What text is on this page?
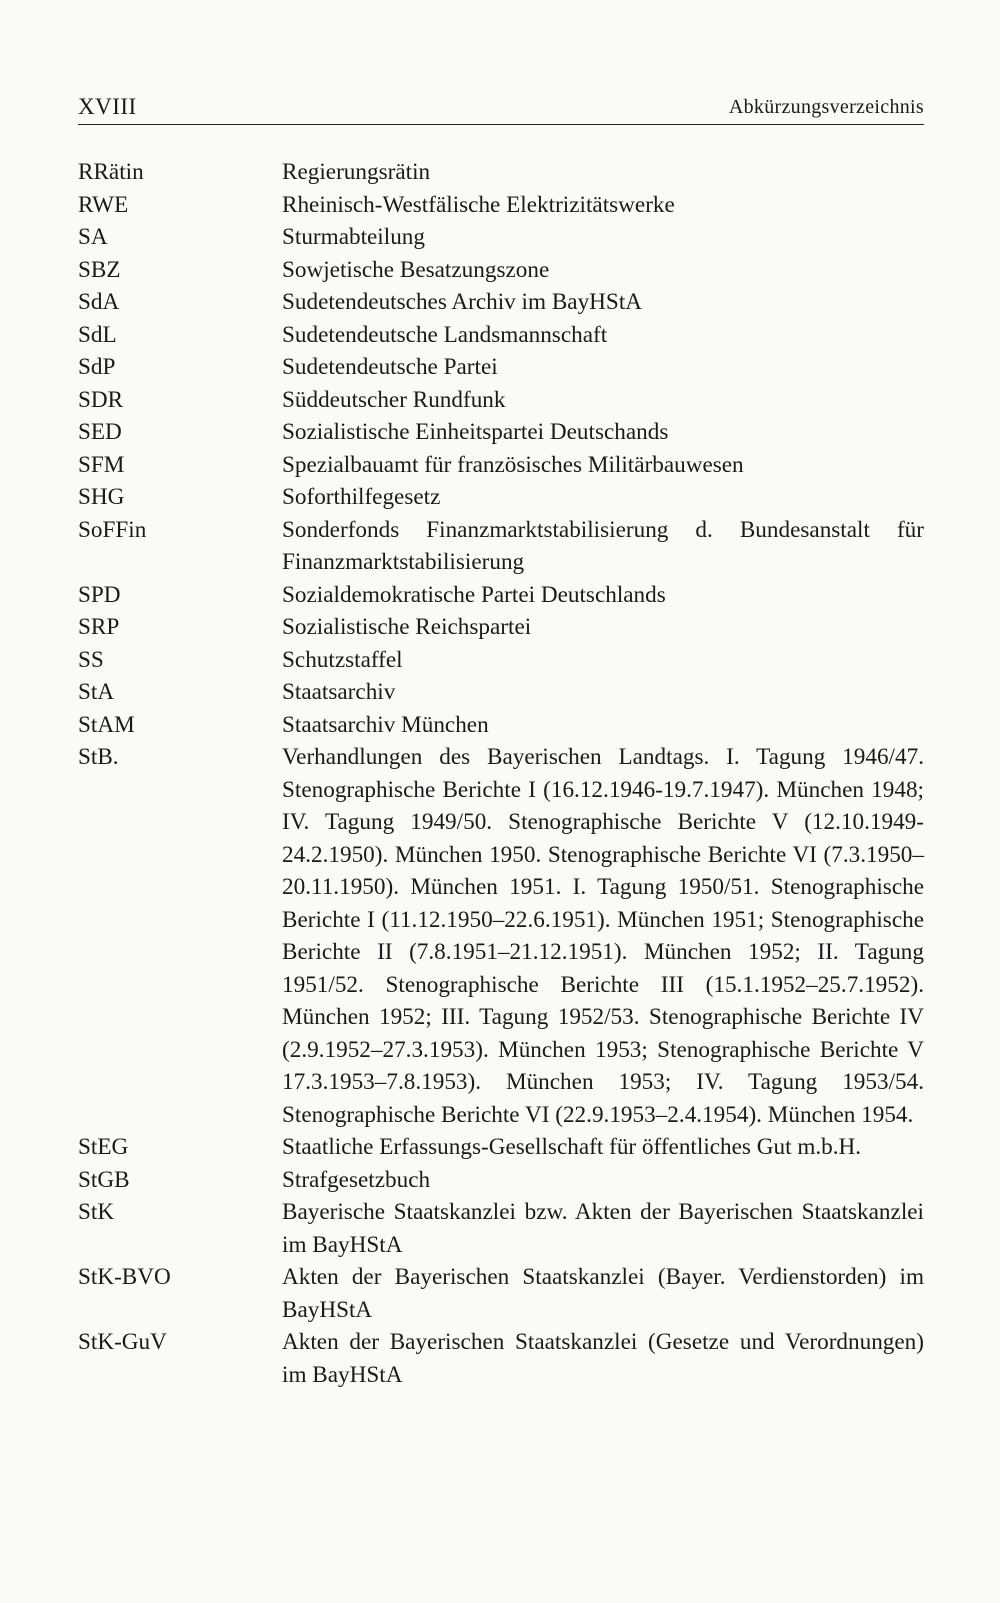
XVIII	Abkürzungsverzeichnis
RRätin	Regierungsrätin
RWE	Rheinisch-Westfälische Elektrizitätswerke
SA	Sturmabteilung
SBZ	Sowjetische Besatzungszone
SdA	Sudetendeutsches Archiv im BayHStA
SdL	Sudetendeutsche Landsmannschaft
SdP	Sudetendeutsche Partei
SDR	Süddeutscher Rundfunk
SED	Sozialistische Einheitspartei Deutschands
SFM	Spezialbauamt für französisches Militärbauwesen
SHG	Soforthilfegesetz
SoFFin	Sonderfonds Finanzmarktstabilisierung d. Bundesanstalt für Finanzmarktstabilisierung
SPD	Sozialdemokratische Partei Deutschlands
SRP	Sozialistische Reichspartei
SS	Schutzstaffel
StA	Staatsarchiv
StAM	Staatsarchiv München
StB.	Verhandlungen des Bayerischen Landtags. I. Tagung 1946/47. Stenographische Berichte I (16.12.1946-19.7.1947). München 1948; IV. Tagung 1949/50. Stenographische Berichte V (12.10.1949-24.2.1950). München 1950. Stenographische Berichte VI (7.3.1950–20.11.1950). München 1951. I. Tagung 1950/51. Stenographische Berichte I (11.12.1950–22.6.1951). München 1951; Stenographische Berichte II (7.8.1951–21.12.1951). München 1952; II. Tagung 1951/52. Stenographische Berichte III (15.1.1952–25.7.1952). München 1952; III. Tagung 1952/53. Stenographische Berichte IV (2.9.1952–27.3.1953). München 1953; Stenographische Berichte V 17.3.1953–7.8.1953). München 1953; IV. Tagung 1953/54. Stenographische Berichte VI (22.9.1953–2.4.1954). München 1954.
StEG	Staatliche Erfassungs-Gesellschaft für öffentliches Gut m.b.H.
StGB	Strafgesetzbuch
StK	Bayerische Staatskanzlei bzw. Akten der Bayerischen Staatskanzlei im BayHStA
StK-BVO	Akten der Bayerischen Staatskanzlei (Bayer. Verdienstorden) im BayHStA
StK-GuV	Akten der Bayerischen Staatskanzlei (Gesetze und Verordnungen) im BayHStA
